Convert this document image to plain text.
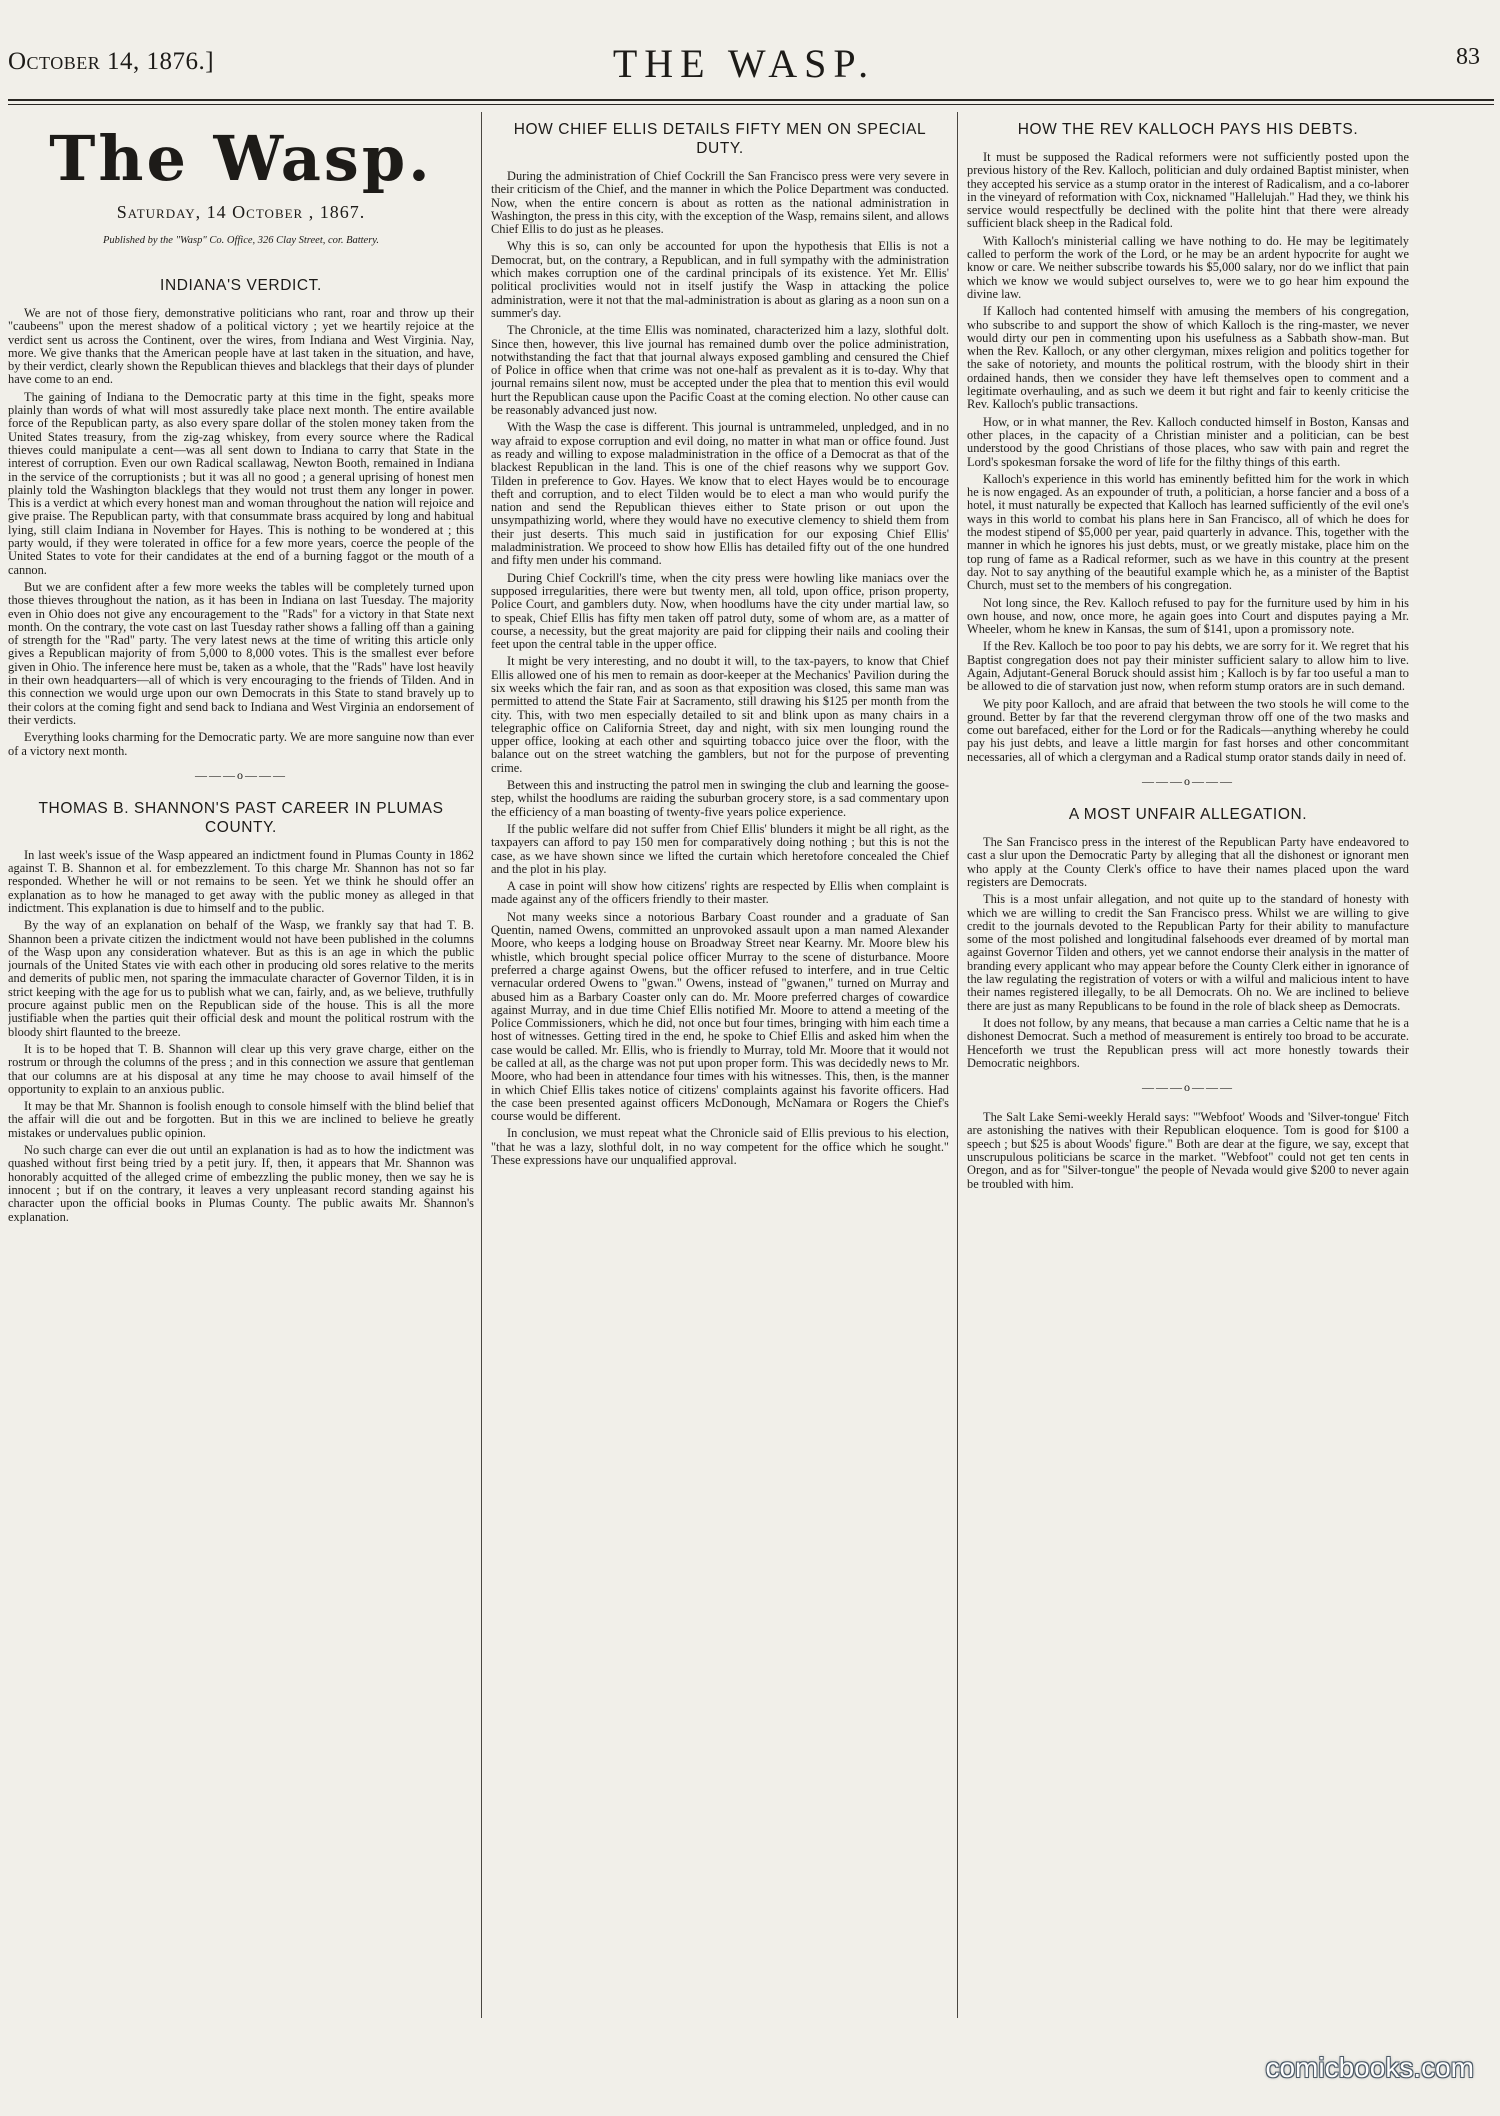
October 14, 1876.]	THE WASP.	83
The Wasp.
Saturday, 14 October , 1867.
Published by the "Wasp" Co. Office, 326 Clay Street, cor. Battery.
INDIANA'S VERDICT.

We are not of those fiery, demonstrative politicians who rant, roar and throw up their "caubeens" upon the merest shadow of a political victory ; yet we heartily rejoice at the verdict sent us across the Continent, over the wires, from Indiana and West Virginia. Nay, more. We give thanks that the American people have at last taken in the situation, and have, by their verdict, clearly shown the Republican thieves and blacklegs that their days of plunder have come to an end.

The gaining of Indiana to the Democratic party at this time in the fight, speaks more plainly than words of what will most assuredly take place next month. The entire available force of the Republican party, as also every spare dollar of the stolen money taken from the United States treasury, from the zig-zag whiskey, from every source where the Radical thieves could manipulate a cent—was all sent down to Indiana to carry that State in the interest of corruption. Even our own Radical scallawag, Newton Booth, remained in Indiana in the service of the corruptionists ; but it was all no good ; a general uprising of honest men plainly told the Washington blacklegs that they would not trust them any longer in power. This is a verdict at which every honest man and woman throughout the nation will rejoice and give praise. The Republican party, with that consummate brass acquired by long and habitual lying, still claim Indiana in November for Hayes. This is nothing to be wondered at ; this party would, if they were tolerated in office for a few more years, coerce the people of the United States to vote for their candidates at the end of a burning faggot or the mouth of a cannon.

But we are confident after a few more weeks the tables will be completely turned upon those thieves throughout the nation, as it has been in Indiana on last Tuesday. The majority even in Ohio does not give any encouragement to the "Rads" for a victory in that State next month. On the contrary, the vote cast on last Tuesday rather shows a falling off than a gaining of strength for the "Rad" party. The very latest news at the time of writing this article only gives a Republican majority of from 5,000 to 8,000 votes. This is the smallest ever before given in Ohio. The inference here must be, taken as a whole, that the "Rads" have lost heavily in their own headquarters—all of which is very encouraging to the friends of Tilden. And in this connection we would urge upon our own Democrats in this State to stand bravely up to their colors at the coming fight and send back to Indiana and West Virginia an endorsement of their verdicts.

Everything looks charming for the Democratic party. We are more sanguine now than ever of a victory next month.

———o———
THOMAS B. SHANNON'S PAST CAREER IN PLUMAS COUNTY.

In last week's issue of the Wasp appeared an indictment found in Plumas County in 1862 against T. B. Shannon et al. for embezzlement. To this charge Mr. Shannon has not so far responded. Whether he will or not remains to be seen. Yet we think he should offer an explanation as to how he managed to get away with the public money as alleged in that indictment. This explanation is due to himself and to the public.

By the way of an explanation on behalf of the Wasp, we frankly say that had T. B. Shannon been a private citizen the indictment would not have been published in the columns of the Wasp upon any consideration whatever. But as this is an age in which the public journals of the United States vie with each other in producing old sores relative to the merits and demerits of public men, not sparing the immaculate character of Governor Tilden, it is in strict keeping with the age for us to publish what we can, fairly, and, as we believe, truthfully procure against public men on the Republican side of the house. This is all the more justifiable when the parties quit their official desk and mount the political rostrum with the bloody shirt flaunted to the breeze.

It is to be hoped that T. B. Shannon will clear up this very grave charge, either on the rostrum or through the columns of the press ; and in this connection we assure that gentleman that our columns are at his disposal at any time he may choose to avail himself of the opportunity to explain to an anxious public.

It may be that Mr. Shannon is foolish enough to console himself with the blind belief that the affair will die out and be forgotten. But in this we are inclined to believe he greatly mistakes or undervalues public opinion.

No such charge can ever die out until an explanation is had as to how the indictment was quashed without first being tried by a petit jury. If, then, it appears that Mr. Shannon was honorably acquitted of the alleged crime of embezzling the public money, then we say he is innocent ; but if on the contrary, it leaves a very unpleasant record standing against his character upon the official books in Plumas County. The public awaits Mr. Shannon's explanation.

HOW CHIEF ELLIS DETAILS FIFTY MEN ON SPECIAL DUTY.

During the administration of Chief Cockrill the San Francisco press were very severe in their criticism of the Chief, and the manner in which the Police Department was conducted. Now, when the entire concern is about as rotten as the national administration in Washington, the press in this city, with the exception of the Wasp, remains silent, and allows Chief Ellis to do just as he pleases.

Why this is so, can only be accounted for upon the hypothesis that Ellis is not a Democrat, but, on the contrary, a Republican, and in full sympathy with the administration which makes corruption one of the cardinal principals of its existence. Yet Mr. Ellis' political proclivities would not in itself justify the Wasp in attacking the police administration, were it not that the mal-administration is about as glaring as a noon sun on a summer's day.

The Chronicle, at the time Ellis was nominated, characterized him a lazy, slothful dolt. Since then, however, this live journal has remained dumb over the police administration, notwithstanding the fact that that journal always exposed gambling and censured the Chief of Police in office when that crime was not one-half as prevalent as it is to-day. Why that journal remains silent now, must be accepted under the plea that to mention this evil would hurt the Republican cause upon the Pacific Coast at the coming election. No other cause can be reasonably advanced just now.

With the Wasp the case is different. This journal is untrammeled, unpledged, and in no way afraid to expose corruption and evil doing, no matter in what man or office found. Just as ready and willing to expose maladministration in the office of a Democrat as that of the blackest Republican in the land. This is one of the chief reasons why we support Gov. Tilden in preference to Gov. Hayes. We know that to elect Hayes would be to encourage theft and corruption, and to elect Tilden would be to elect a man who would purify the nation and send the Republican thieves either to State prison or out upon the unsympathizing world, where they would have no executive clemency to shield them from their just deserts. This much said in justification for our exposing Chief Ellis' maladministration. We proceed to show how Ellis has detailed fifty out of the one hundred and fifty men under his command.

During Chief Cockrill's time, when the city press were howling like maniacs over the supposed irregularities, there were but twenty men, all told, upon office, prison property, Police Court, and gamblers duty. Now, when hoodlums have the city under martial law, so to speak, Chief Ellis has fifty men taken off patrol duty, some of whom are, as a matter of course, a necessity, but the great majority are paid for clipping their nails and cooling their feet upon the central table in the upper office.

It might be very interesting, and no doubt it will, to the tax-payers, to know that Chief Ellis allowed one of his men to remain as door-keeper at the Mechanics' Pavilion during the six weeks which the fair ran, and as soon as that exposition was closed, this same man was permitted to attend the State Fair at Sacramento, still drawing his $125 per month from the city. This, with two men especially detailed to sit and blink upon as many chairs in a telegraphic office on California Street, day and night, with six men lounging round the upper office, looking at each other and squirting tobacco juice over the floor, with the balance out on the street watching the gamblers, but not for the purpose of preventing crime.

Between this and instructing the patrol men in swinging the club and learning the goose-step, whilst the hoodlums are raiding the suburban grocery store, is a sad commentary upon the efficiency of a man boasting of twenty-five years police experience.

If the public welfare did not suffer from Chief Ellis' blunders it might be all right, as the taxpayers can afford to pay 150 men for comparatively doing nothing ; but this is not the case, as we have shown since we lifted the curtain which heretofore concealed the Chief and the plot in his play.

A case in point will show how citizens' rights are respected by Ellis when complaint is made against any of the officers friendly to their master.

Not many weeks since a notorious Barbary Coast rounder and a graduate of San Quentin, named Owens, committed an unprovoked assault upon a man named Alexander Moore, who keeps a lodging house on Broadway Street near Kearny. Mr. Moore blew his whistle, which brought special police officer Murray to the scene of disturbance. Moore preferred a charge against Owens, but the officer refused to interfere, and in true Celtic vernacular ordered Owens to "gwan." Owens, instead of "gwanen," turned on Murray and abused him as a Barbary Coaster only can do. Mr. Moore preferred charges of cowardice against Murray, and in due time Chief Ellis notified Mr. Moore to attend a meeting of the Police Commissioners, which he did, not once but four times, bringing with him each time a host of witnesses. Getting tired in the end, he spoke to Chief Ellis and asked him when the case would be called. Mr. Ellis, who is friendly to Murray, told Mr. Moore that it would not be called at all, as the charge was not put upon proper form. This was decidedly news to Mr. Moore, who had been in attendance four times with his witnesses. This, then, is the manner in which Chief Ellis takes notice of citizens' complaints against his favorite officers. Had the case been presented against officers McDonough, McNamara or Rogers the Chief's course would be different.

In conclusion, we must repeat what the Chronicle said of Ellis previous to his election, "that he was a lazy, slothful dolt, in no way competent for the office which he sought." These expressions have our unqualified approval.

HOW THE REV KALLOCH PAYS HIS DEBTS.

It must be supposed the Radical reformers were not sufficiently posted upon the previous history of the Rev. Kalloch, politician and duly ordained Baptist minister, when they accepted his service as a stump orator in the interest of Radicalism, and a co-laborer in the vineyard of reformation with Cox, nicknamed "Hallelujah." Had they, we think his service would respectfully be declined with the polite hint that there were already sufficient black sheep in the Radical fold.

With Kalloch's ministerial calling we have nothing to do. He may be legitimately called to perform the work of the Lord, or he may be an ardent hypocrite for aught we know or care. We neither subscribe towards his $5,000 salary, nor do we inflict that pain which we know we would subject ourselves to, were we to go hear him expound the divine law.

If Kalloch had contented himself with amusing the members of his congregation, who subscribe to and support the show of which Kalloch is the ring-master, we never would dirty our pen in commenting upon his usefulness as a Sabbath show-man. But when the Rev. Kalloch, or any other clergyman, mixes religion and politics together for the sake of notoriety, and mounts the political rostrum, with the bloody shirt in their ordained hands, then we consider they have left themselves open to comment and a legitimate overhauling, and as such we deem it but right and fair to keenly criticise the Rev. Kalloch's public transactions.

How, or in what manner, the Rev. Kalloch conducted himself in Boston, Kansas and other places, in the capacity of a Christian minister and a politician, can be best understood by the good Christians of those places, who saw with pain and regret the Lord's spokesman forsake the word of life for the filthy things of this earth.

Kalloch's experience in this world has eminently befitted him for the work in which he is now engaged. As an expounder of truth, a politician, a horse fancier and a boss of a hotel, it must naturally be expected that Kalloch has learned sufficiently of the evil one's ways in this world to combat his plans here in San Francisco, all of which he does for the modest stipend of $5,000 per year, paid quarterly in advance. This, together with the manner in which he ignores his just debts, must, or we greatly mistake, place him on the top rung of fame as a Radical reformer, such as we have in this country at the present day. Not to say anything of the beautiful example which he, as a minister of the Baptist Church, must set to the members of his congregation.

Not long since, the Rev. Kalloch refused to pay for the furniture used by him in his own house, and now, once more, he again goes into Court and disputes paying a Mr. Wheeler, whom he knew in Kansas, the sum of $141, upon a promissory note.

If the Rev. Kalloch be too poor to pay his debts, we are sorry for it. We regret that his Baptist congregation does not pay their minister sufficient salary to allow him to live. Again, Adjutant-General Boruck should assist him ; Kalloch is by far too useful a man to be allowed to die of starvation just now, when reform stump orators are in such demand.

We pity poor Kalloch, and are afraid that between the two stools he will come to the ground. Better by far that the reverend clergyman throw off one of the two masks and come out barefaced, either for the Lord or for the Radicals—anything whereby he could pay his just debts, and leave a little margin for fast horses and other concommitant necessaries, all of which a clergyman and a Radical stump orator stands daily in need of.

———o———
A MOST UNFAIR ALLEGATION.

The San Francisco press in the interest of the Republican Party have endeavored to cast a slur upon the Democratic Party by alleging that all the dishonest or ignorant men who apply at the County Clerk's office to have their names placed upon the ward registers are Democrats.

This is a most unfair allegation, and not quite up to the standard of honesty with which we are willing to credit the San Francisco press. Whilst we are willing to give credit to the journals devoted to the Republican Party for their ability to manufacture some of the most polished and longitudinal falsehoods ever dreamed of by mortal man against Governor Tilden and others, yet we cannot endorse their analysis in the matter of branding every applicant who may appear before the County Clerk either in ignorance of the law regulating the registration of voters or with a wilful and malicious intent to have their names registered illegally, to be all Democrats. Oh no. We are inclined to believe there are just as many Republicans to be found in the role of black sheep as Democrats.

It does not follow, by any means, that because a man carries a Celtic name that he is a dishonest Democrat. Such a method of measurement is entirely too broad to be accurate. Henceforth we trust the Republican press will act more honestly towards their Democratic neighbors.

———o———

The Salt Lake Semi-weekly Herald says: "'Webfoot' Woods and 'Silver-tongue' Fitch are astonishing the natives with their Republican eloquence. Tom is good for $100 a speech ; but $25 is about Woods' figure." Both are dear at the figure, we say, except that unscrupulous politicians be scarce in the market. "Webfoot" could not get ten cents in Oregon, and as for "Silver-tongue" the people of Nevada would give $200 to never again be troubled with him.

comicbooks.com
